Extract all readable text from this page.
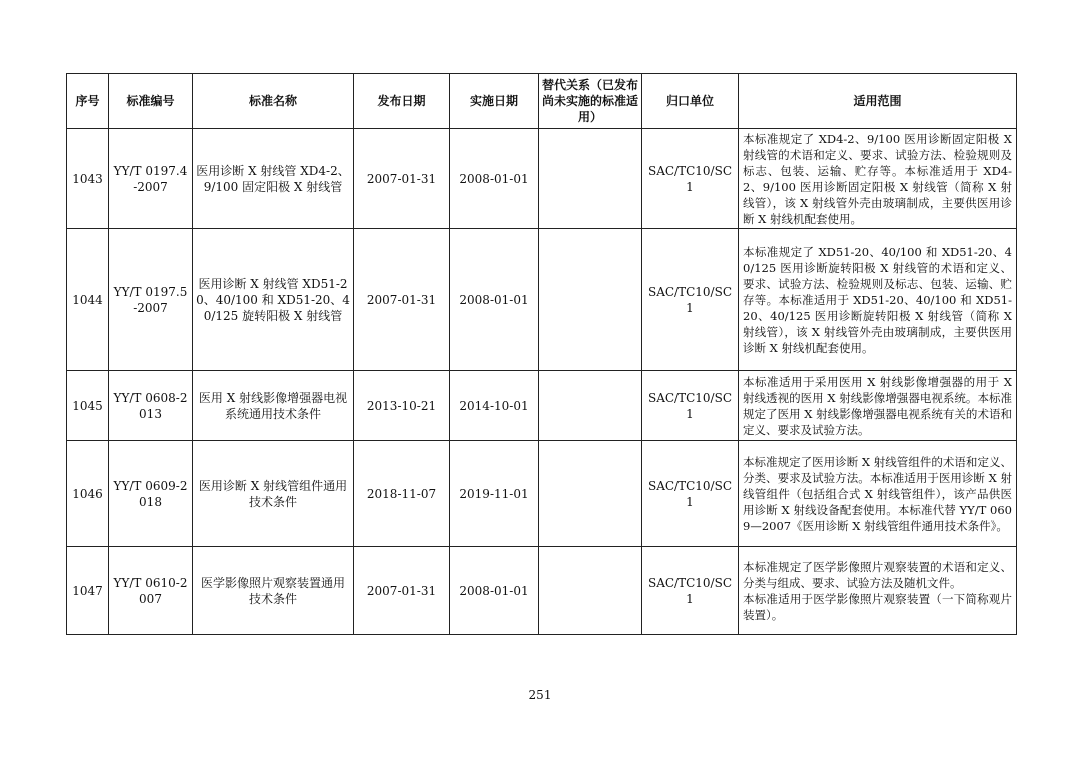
序号	标准编号	标准名称	发布日期	实施日期	替代关系（已发布尚未实施的标准适用）	归口单位	适用范围
1043	YY/T 0197.4-2007	医用诊断 X 射线管 XD4-2、9/100 固定阳极 X 射线管	2007-01-31	2008-01-01		SAC/TC10/SC1	本标准规定了 XD4-2、9/100 医用诊断固定阳极 X 射线管的术语和定义、要求、试验方法、检验规则及标志、包装、运输、贮存等。本标准适用于 XD4-2、9/100 医用诊断固定阳极 X 射线管（简称 X 射线管），该 X 射线管外壳由玻璃制成，主要供医用诊断 X 射线机配套使用。
1044	YY/T 0197.5-2007	医用诊断 X 射线管 XD51-20、40/100 和 XD51-20、40/125 旋转阳极 X 射线管	2007-01-31	2008-01-01		SAC/TC10/SC1	本标准规定了 XD51-20、40/100 和 XD51-20、40/125 医用诊断旋转阳极 X 射线管的术语和定义、要求、试验方法、检验规则及标志、包装、运输、贮存等。本标准适用于 XD51-20、40/100 和 XD51-20、40/125 医用诊断旋转阳极 X 射线管（简称 X 射线管），该 X 射线管外壳由玻璃制成，主要供医用诊断 X 射线机配套使用。
1045	YY/T 0608-2013	医用 X 射线影像增强器电视系统通用技术条件	2013-10-21	2014-10-01		SAC/TC10/SC1	本标准适用于采用医用 X 射线影像增强器的用于 X 射线透视的医用 X 射线影像增强器电视系统。本标准规定了医用 X 射线影像增强器电视系统有关的术语和定义、要求及试验方法。
1046	YY/T 0609-2018	医用诊断 X 射线管组件通用技术条件	2018-11-07	2019-11-01		SAC/TC10/SC1	本标准规定了医用诊断 X 射线管组件的术语和定义、分类、要求及试验方法。本标准适用于医用诊断 X 射线管组件（包括组合式 X 射线管组件），该产品供医用诊断 X 射线设备配套使用。本标准代替 YY/T 0609—2007《医用诊断 X 射线管组件通用技术条件》。
1047	YY/T 0610-2007	医学影像照片观察装置通用技术条件	2007-01-31	2008-01-01		SAC/TC10/SC1	本标准规定了医学影像照片观察装置的术语和定义、分类与组成、要求、试验方法及随机文件。
本标准适用于医学影像照片观察装置（一下简称观片装置）。
251
